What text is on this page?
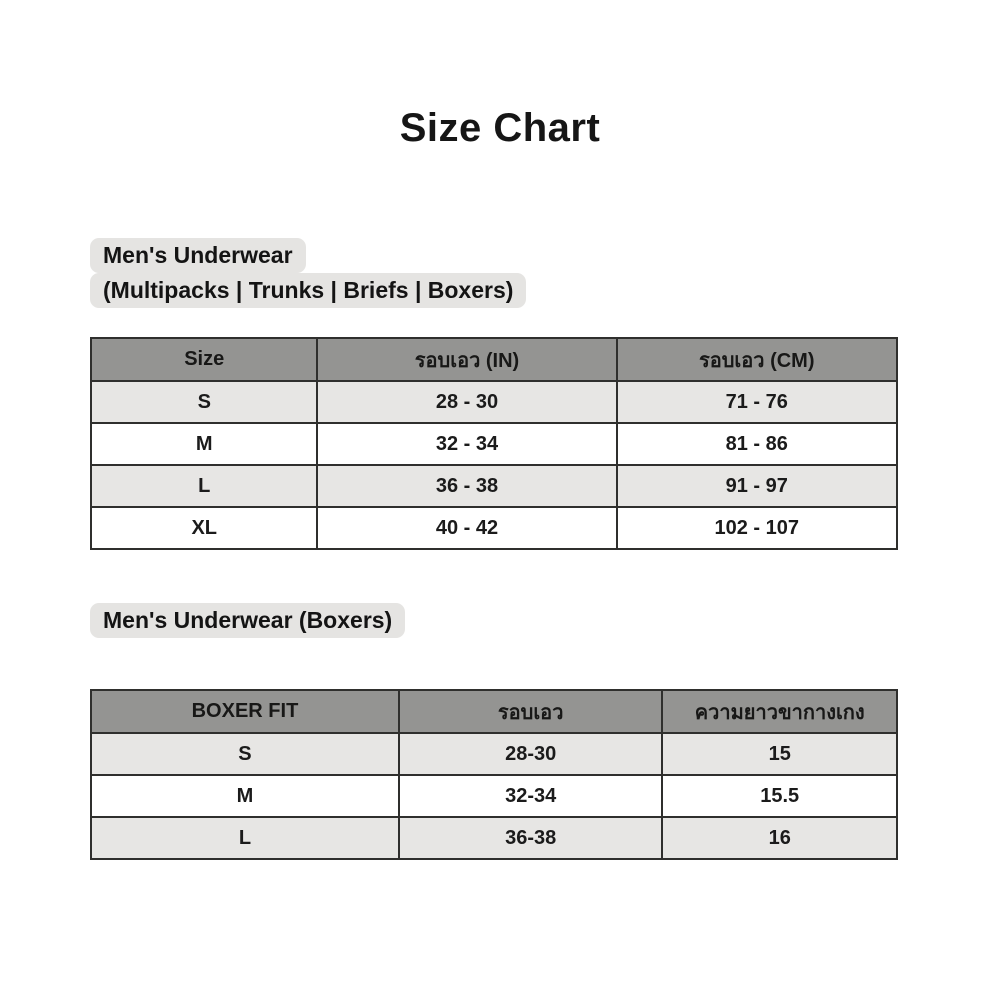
Size Chart
Men's Underwear
(Multipacks | Trunks | Briefs | Boxers)
Size	รอบเอว (IN)	รอบเอว (CM)
S	28 - 30	71 - 76
M	32 - 34	81 - 86
L	36 - 38	91 - 97
XL	40 - 42	102 - 107
Men's Underwear (Boxers)
BOXER FIT	รอบเอว	ความยาวขากางเกง
S	28-30	15
M	32-34	15.5
L	36-38	16
